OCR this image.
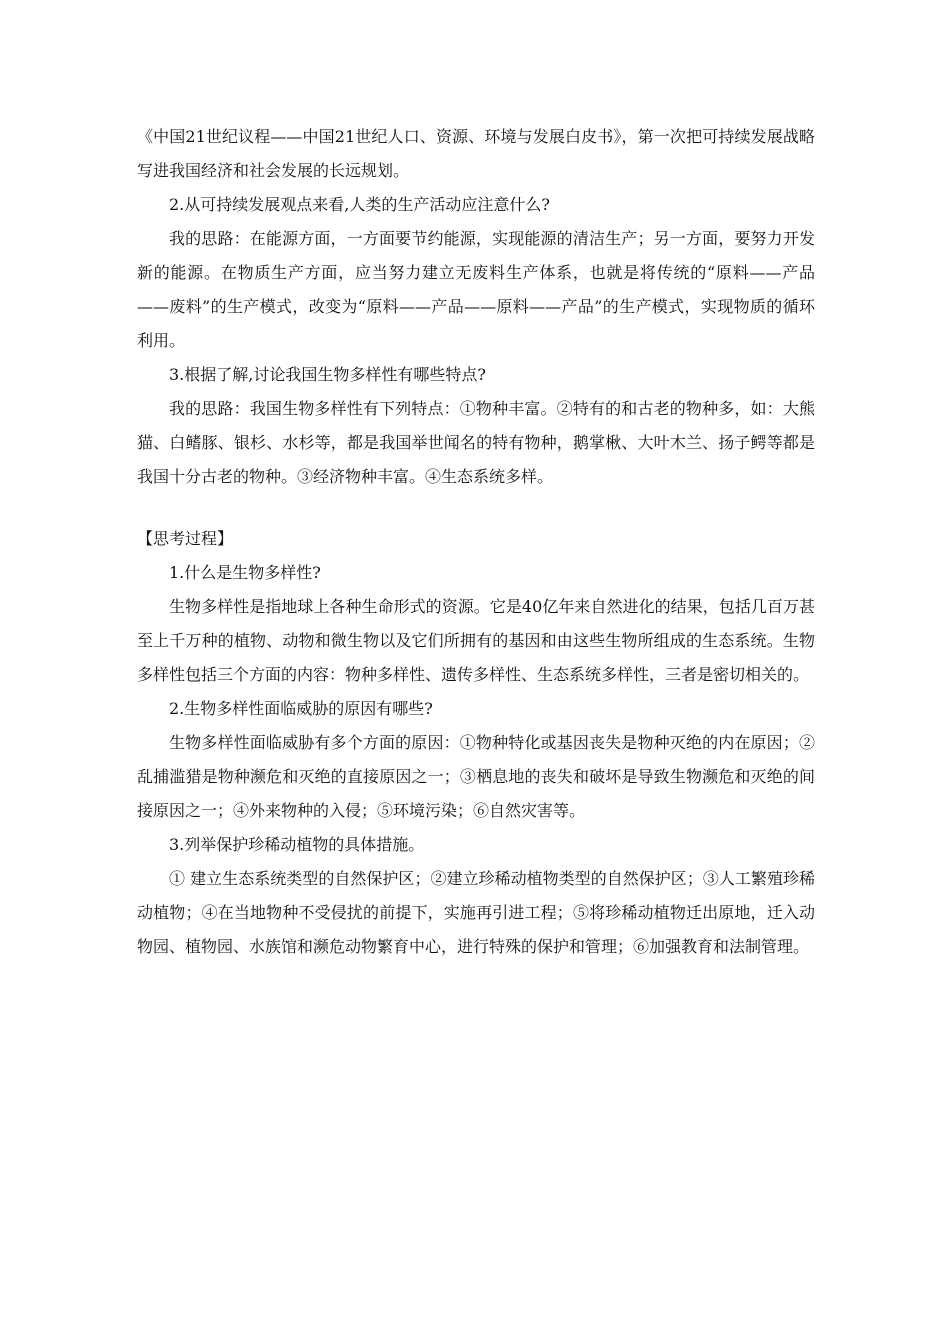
《中国21世纪议程——中国21世纪人口、资源、环境与发展白皮书》，第一次把可持续发展战略写进我国经济和社会发展的长远规划。

2.从可持续发展观点来看,人类的生产活动应注意什么?

我的思路：在能源方面，一方面要节约能源，实现能源的清洁生产；另一方面，要努力开发新的能源。在物质生产方面，应当努力建立无废料生产体系，也就是将传统的“原料——产品——废料”的生产模式，改变为“原料——产品——原料——产品”的生产模式，实现物质的循环利用。

3.根据了解,讨论我国生物多样性有哪些特点?

我的思路：我国生物多样性有下列特点：①物种丰富。②特有的和古老的物种多，如：大熊猫、白鳍豚、银杉、水杉等，都是我国举世闻名的特有物种，鹅掌楸、大叶木兰、扬子鳄等都是我国十分古老的物种。③经济物种丰富。④生态系统多样。

【思考过程】

1.什么是生物多样性?

生物多样性是指地球上各种生命形式的资源。它是40亿年来自然进化的结果，包括几百万甚至上千万种的植物、动物和微生物以及它们所拥有的基因和由这些生物所组成的生态系统。生物多样性包括三个方面的内容：物种多样性、遗传多样性、生态系统多样性，三者是密切相关的。

2.生物多样性面临威胁的原因有哪些?

生物多样性面临威胁有多个方面的原因：①物种特化或基因丧失是物种灭绝的内在原因；②乱捕滥猎是物种濒危和灭绝的直接原因之一；③栖息地的丧失和破坏是导致生物濒危和灭绝的间接原因之一；④外来物种的入侵；⑤环境污染；⑥自然灾害等。

3.列举保护珍稀动植物的具体措施。

① 建立生态系统类型的自然保护区；②建立珍稀动植物类型的自然保护区；③人工繁殖珍稀动植物；④在当地物种不受侵扰的前提下，实施再引进工程；⑤将珍稀动植物迁出原地，迁入动物园、植物园、水族馆和濒危动物繁育中心，进行特殊的保护和管理；⑥加强教育和法制管理。
